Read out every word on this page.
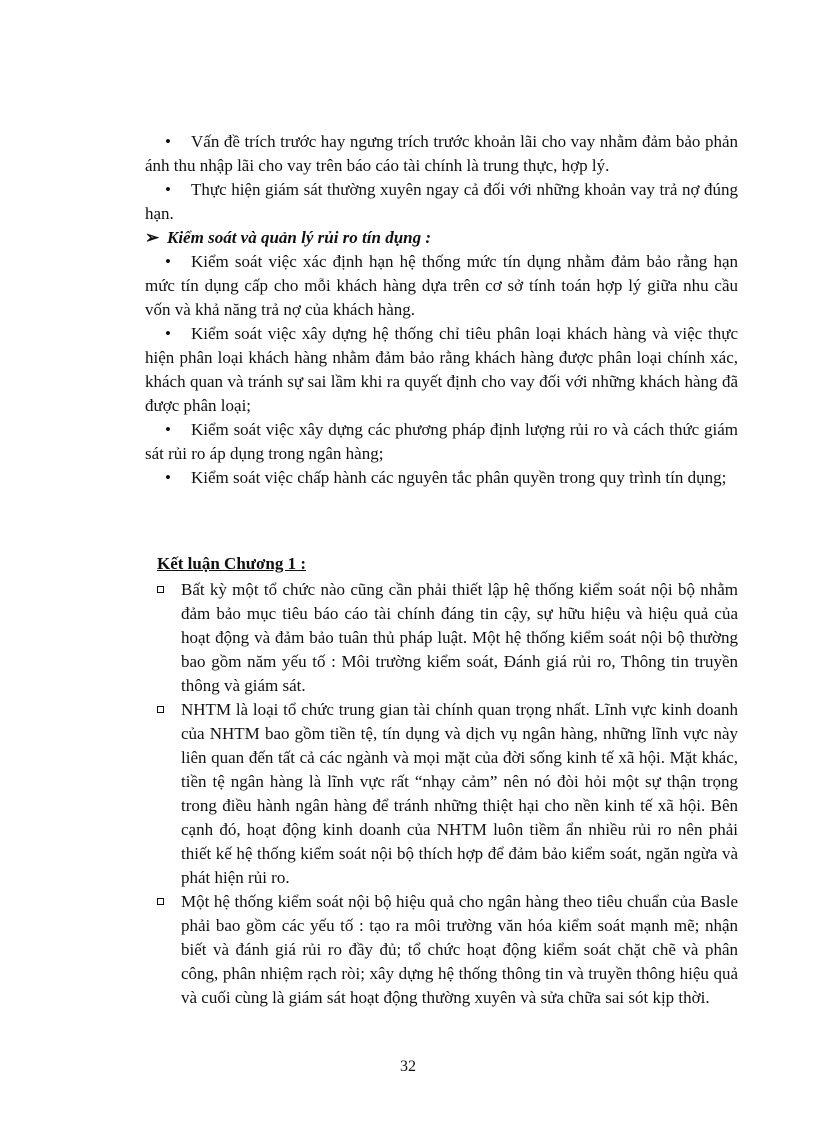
• Vấn đề trích trước hay ngưng trích trước khoản lãi cho vay nhằm đảm bảo phản ánh thu nhập lãi cho vay trên báo cáo tài chính là trung thực, hợp lý.

• Thực hiện giám sát thường xuyên ngay cả đối với những khoản vay trả nợ đúng hạn.

➢ Kiểm soát và quản lý rủi ro tín dụng :

• Kiểm soát việc xác định hạn hệ thống mức tín dụng nhằm đảm bảo rằng hạn mức tín dụng cấp cho mỗi khách hàng dựa trên cơ sở tính toán hợp lý giữa nhu cầu vốn và khả năng trả nợ của khách hàng.

• Kiểm soát việc xây dựng hệ thống chỉ tiêu phân loại khách hàng và việc thực hiện phân loại khách hàng nhằm đảm bảo rằng khách hàng được phân loại chính xác, khách quan và tránh sự sai lầm khi ra quyết định cho vay đối với những khách hàng đã được phân loại;

• Kiểm soát việc xây dựng các phương pháp định lượng rủi ro và cách thức giám sát rủi ro áp dụng trong ngân hàng;

• Kiểm soát việc chấp hành các nguyên tắc phân quyền trong quy trình tín dụng;

Kết luận Chương 1 :

Bất kỳ một tổ chức nào cũng cần phải thiết lập hệ thống kiểm soát nội bộ nhằm đảm bảo mục tiêu báo cáo tài chính đáng tin cậy, sự hữu hiệu và hiệu quả của hoạt động và đảm bảo tuân thủ pháp luật. Một hệ thống kiểm soát nội bộ thường bao gồm năm yếu tố : Môi trường kiểm soát, Đánh giá rủi ro, Thông tin truyền thông và giám sát.
NHTM là loại tổ chức trung gian tài chính quan trọng nhất. Lĩnh vực kinh doanh của NHTM bao gồm tiền tệ, tín dụng và dịch vụ ngân hàng, những lĩnh vực này liên quan đến tất cả các ngành và mọi mặt của đời sống kinh tế xã hội. Mặt khác, tiền tệ ngân hàng là lĩnh vực rất “nhạy cảm” nên nó đòi hỏi một sự thận trọng trong điều hành ngân hàng để tránh những thiệt hại cho nền kinh tế xã hội. Bên cạnh đó, hoạt động kinh doanh của NHTM luôn tiềm ẩn nhiều rủi ro nên phải thiết kế hệ thống kiểm soát nội bộ thích hợp để đảm bảo kiểm soát, ngăn ngừa và phát hiện rủi ro.
Một hệ thống kiểm soát nội bộ hiệu quả cho ngân hàng theo tiêu chuẩn của Basle phải bao gồm các yếu tố : tạo ra môi trường văn hóa kiểm soát mạnh mẽ; nhận biết và đánh giá rủi ro đầy đủ; tổ chức hoạt động kiểm soát chặt chẽ và phân công, phân nhiệm rạch ròi; xây dựng hệ thống thông tin và truyền thông hiệu quả và cuối cùng là giám sát hoạt động thường xuyên và sửa chữa sai sót kịp thời.
32
